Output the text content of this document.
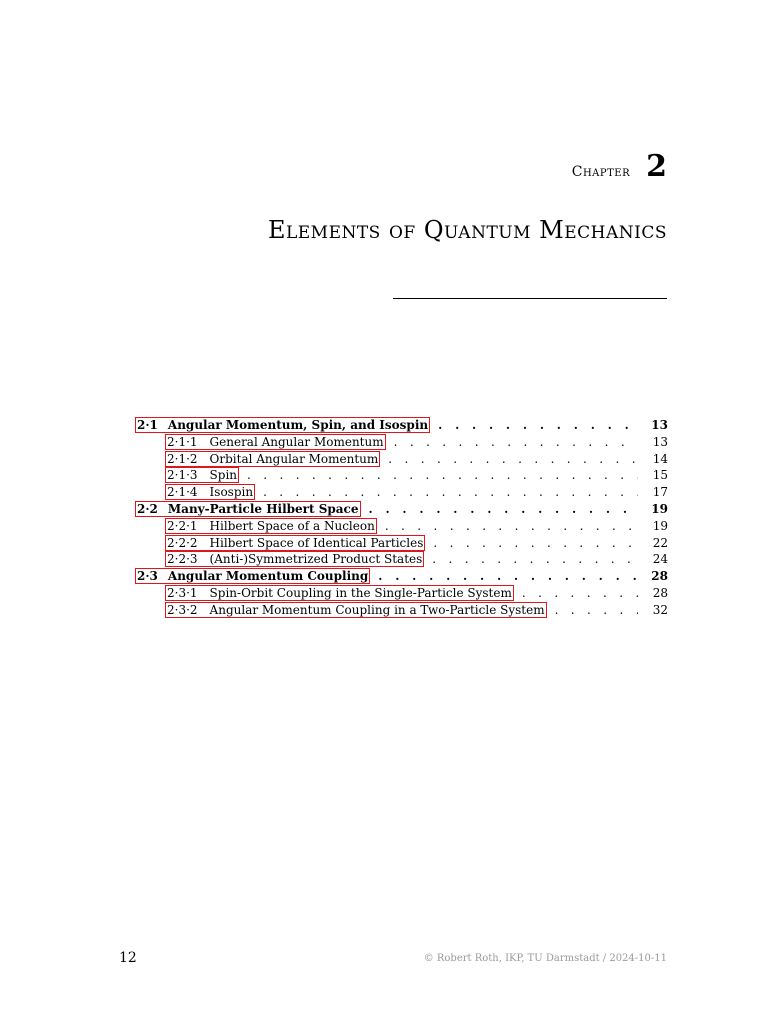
Chapter 2
Elements of Quantum Mechanics
2·1 Angular Momentum, Spin, and Isospin . . .	13
2·1·1 General Angular Momentum . . .	13
2·1·2 Orbital Angular Momentum . . .	14
2·1·3 Spin . . .	15
2·1·4 Isospin . . .	17
2·2 Many-Particle Hilbert Space . . .	19
2·2·1 Hilbert Space of a Nucleon . . .	19
2·2·2 Hilbert Space of Identical Particles . . .	22
2·2·3 (Anti-)Symmetrized Product States . . .	24
2·3 Angular Momentum Coupling . . .	28
2·3·1 Spin-Orbit Coupling in the Single-Particle System . . .	28
2·3·2 Angular Momentum Coupling in a Two-Particle System . . .	32
12	© Robert Roth, IKP, TU Darmstadt / 2024-10-11
